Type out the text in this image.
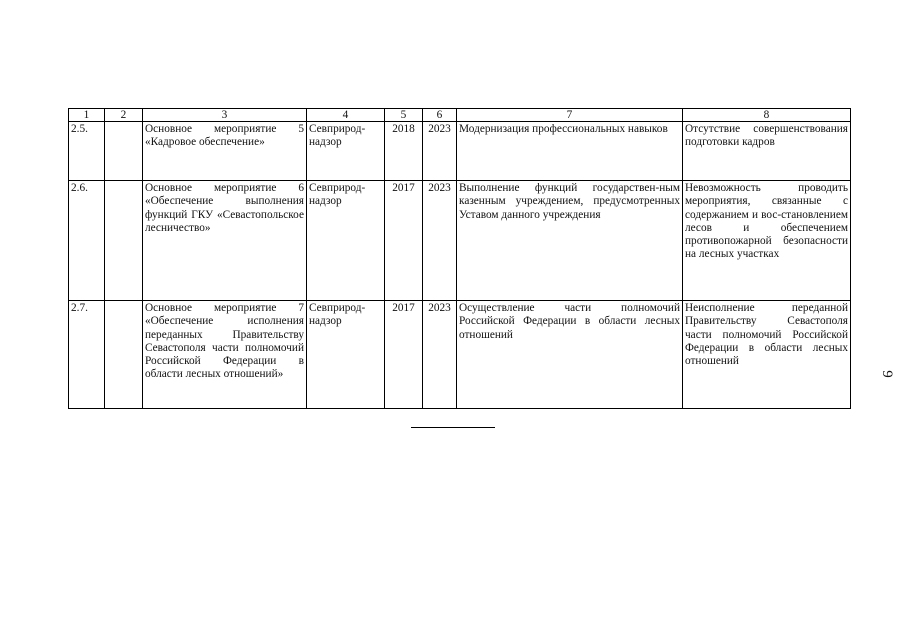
1	2	3	4	5	6	7	8
2.5.		Основное мероприятие 5 «Кадровое обеспечение»	Севприрод-надзор	2018	2023	Модернизация профессиональных навыков	Отсутствие совершенствования подготовки кадров
2.6.		Основное мероприятие 6 «Обеспечение выполнения функций ГКУ «Севастопольское лесничество»	Севприрод-надзор	2017	2023	Выполнение функций государствен-ным казенным учреждением, предусмотренных Уставом данного учреждения	Невозможность проводить мероприятия, связанные с содержанием и вос-становлением лесов и обеспечением противопожарной безопасности на лесных участках
2.7.		Основное мероприятие 7 «Обеспечение исполнения переданных Правительству Севастополя части полномочий Российской Федерации в области лесных отношений»	Севприрод-надзор	2017	2023	Осуществление части полномочий Российской Федерации в области лесных отношений	Неисполнение переданной Правительству Севастополя части полномочий Российской Федерации в области лесных отношений
9
